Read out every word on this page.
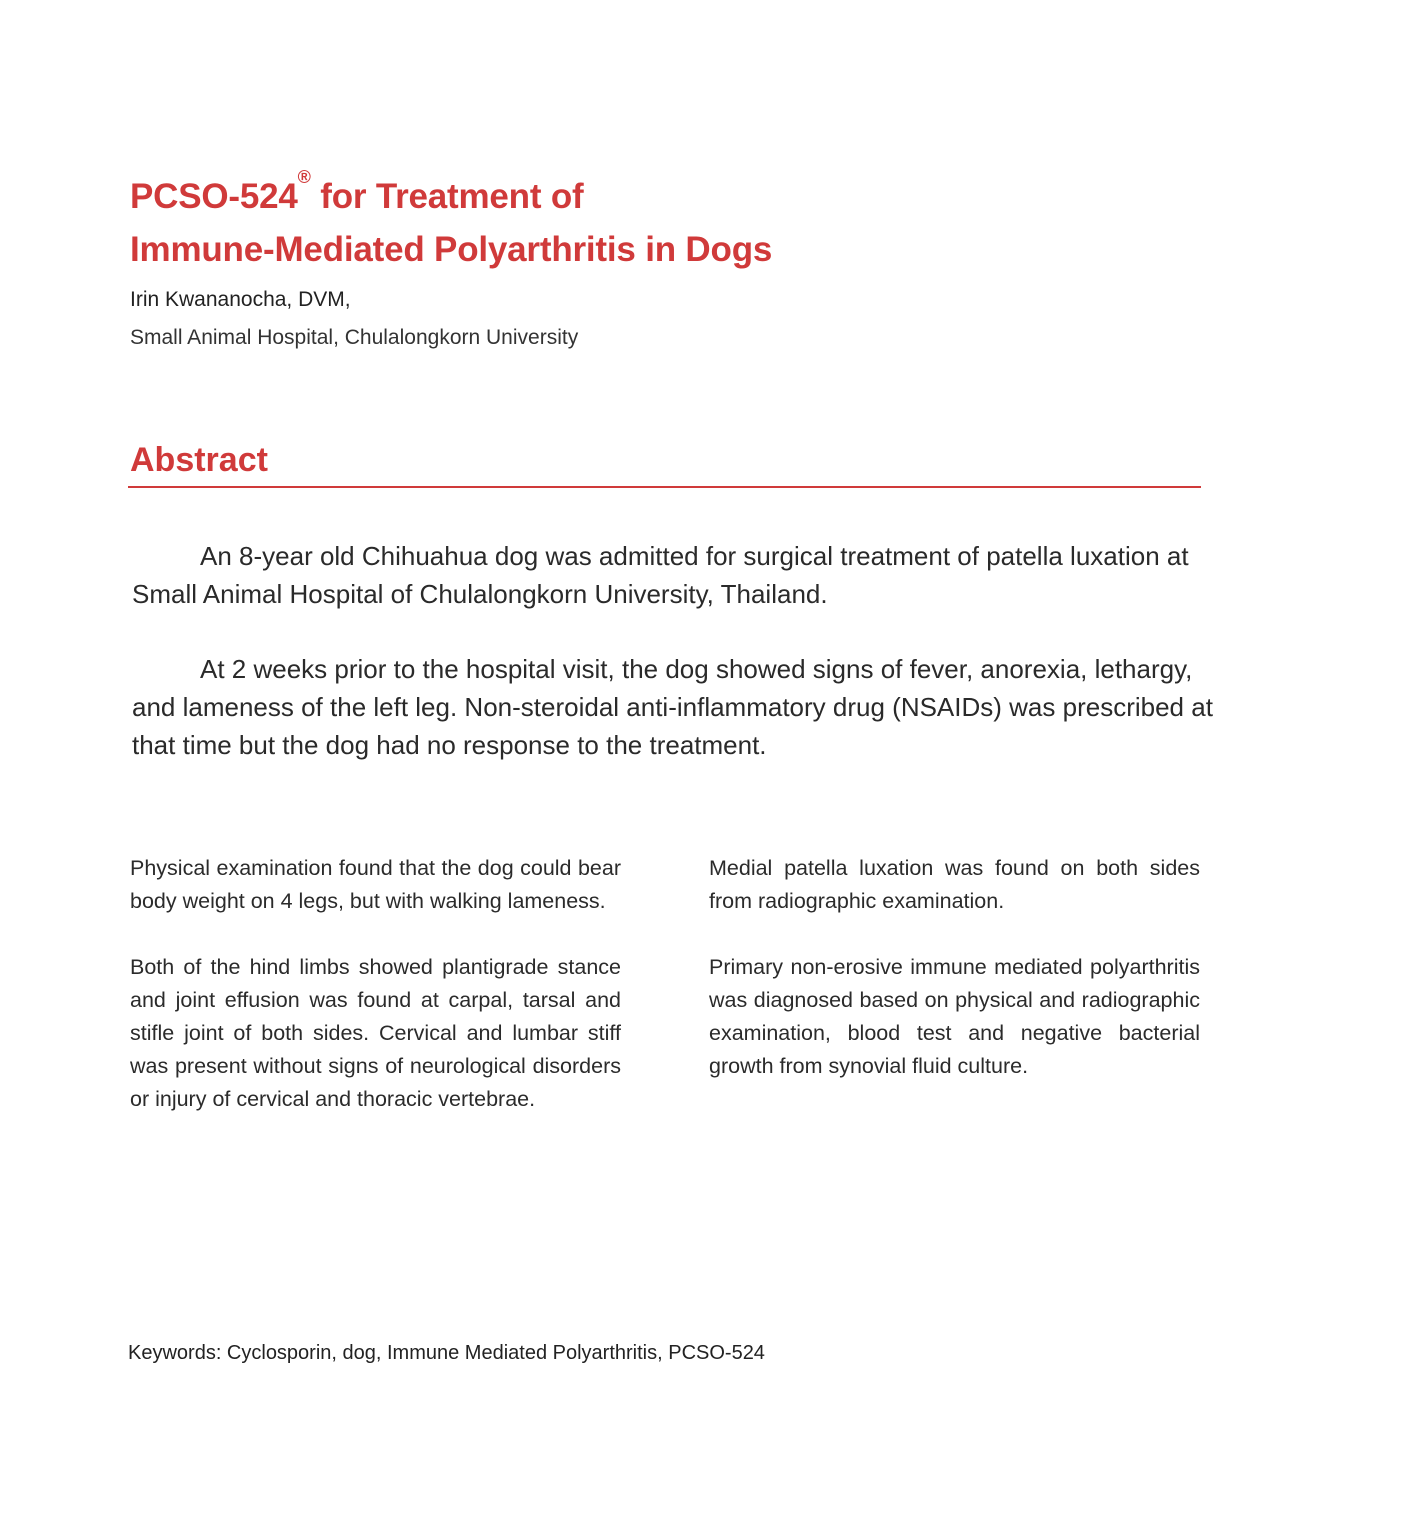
PCSO-524® for Treatment of
Immune-Mediated Polyarthritis in Dogs
Irin Kwananocha, DVM,
Small Animal Hospital, Chulalongkorn University
Abstract

An 8-year old Chihuahua dog was admitted for surgical treatment of patella luxation at Small Animal Hospital of Chulalongkorn University, Thailand.

At 2 weeks prior to the hospital visit, the dog showed signs of fever, anorexia, lethargy, and lameness of the left leg. Non-steroidal anti-inflammatory drug (NSAIDs) was prescribed at that time but the dog had no response to the treatment.

Physical examination found that the dog could bear body weight on 4 legs, but with walking lameness.

Both of the hind limbs showed plantigrade stance and joint effusion was found at carpal, tarsal and stifle joint of both sides. Cervical and lumbar stiff was present without signs of neurological disorders or injury of cervical and thoracic vertebrae.

Medial patella luxation was found on both sides from radiographic examination.

Primary non-erosive immune mediated polyarthritis was diagnosed based on physical and radiographic examination, blood test and negative bacterial growth from synovial fluid culture.

Keywords: Cyclosporin, dog, Immune Mediated Polyarthritis, PCSO-524
